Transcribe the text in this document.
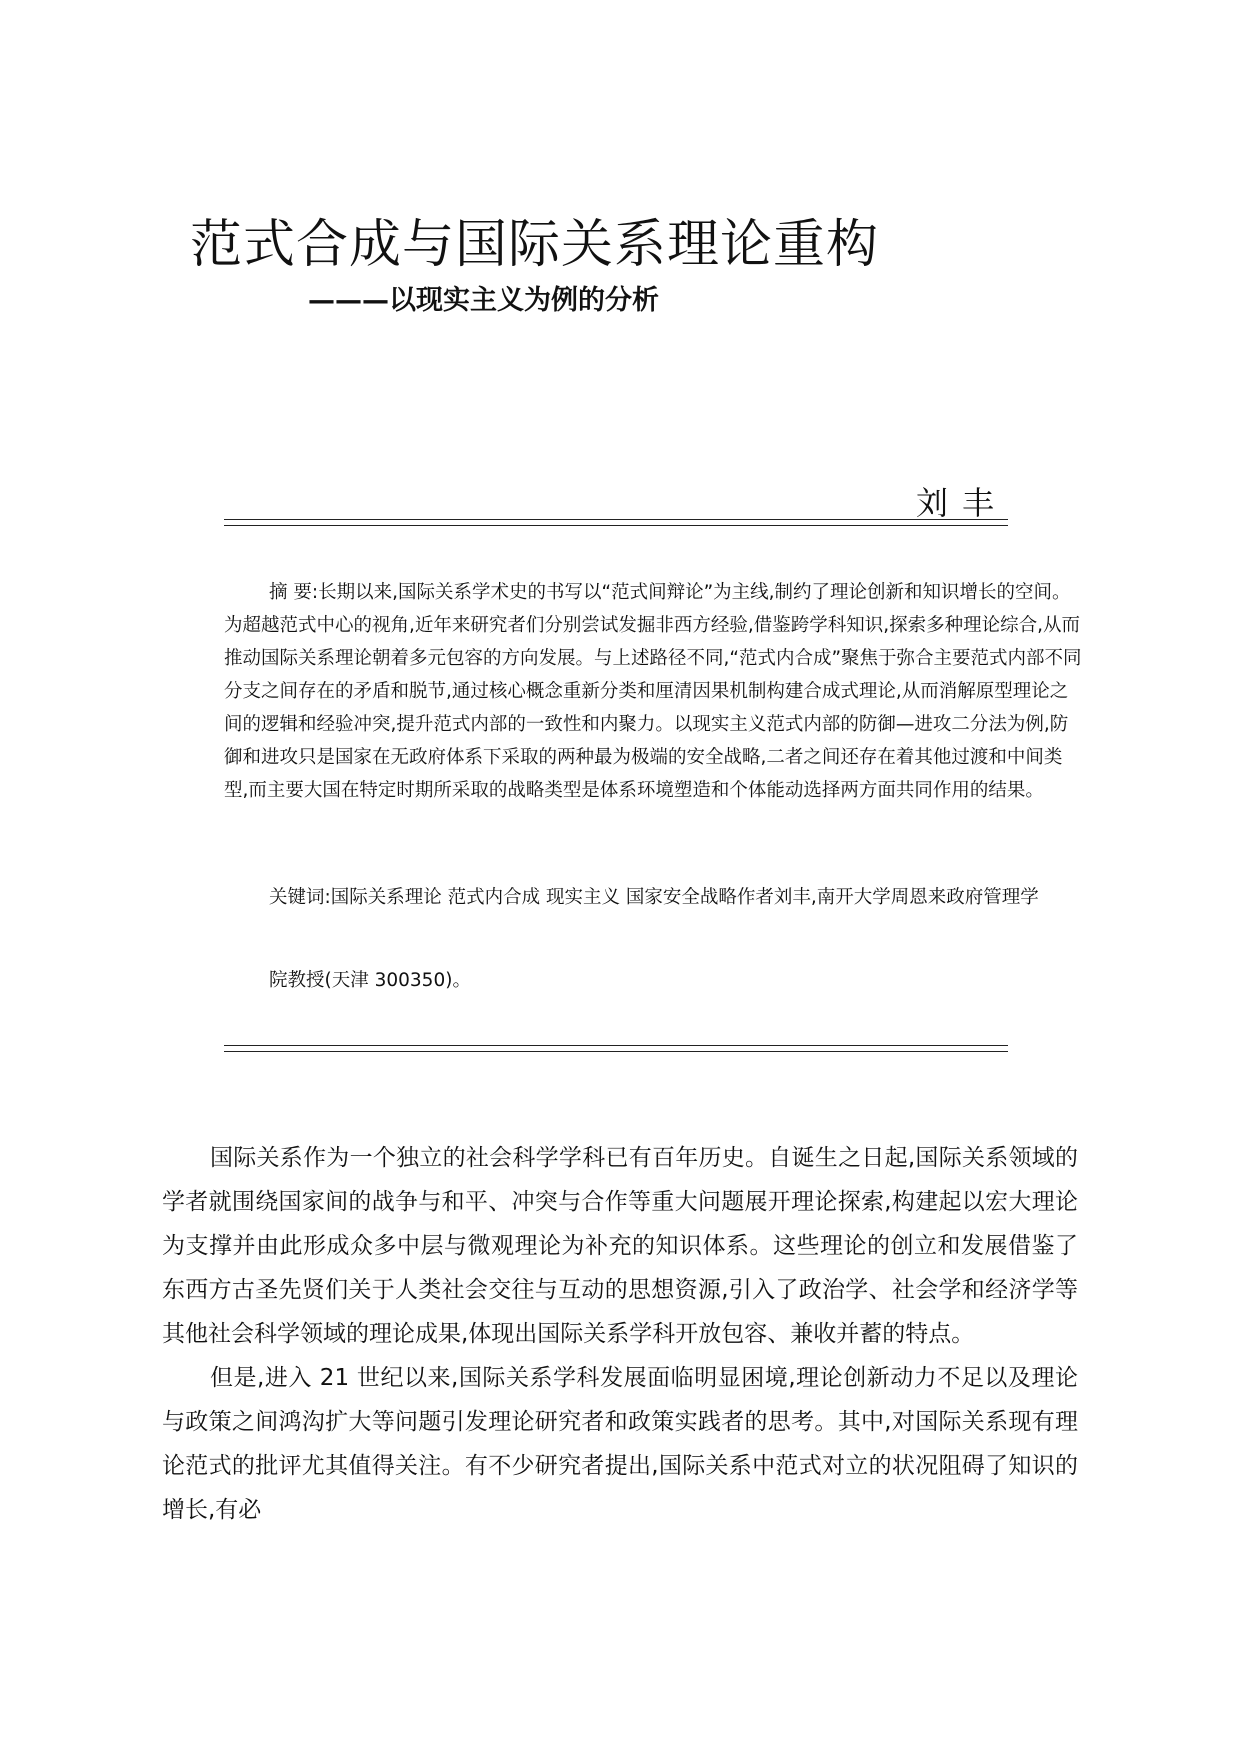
范式合成与国际关系理论重构
———以现实主义为例的分析
刘丰

摘 要:长期以来,国际关系学术史的书写以“范式间辩论”为主线,制约了理论创新和知识增长的空间。为超越范式中心的视角,近年来研究者们分别尝试发掘非西方经验,借鉴跨学科知识,探索多种理论综合,从而推动国际关系理论朝着多元包容的方向发展。与上述路径不同,“范式内合成”聚焦于弥合主要范式内部不同分支之间存在的矛盾和脱节,通过核心概念重新分类和厘清因果机制构建合成式理论,从而消解原型理论之间的逻辑和经验冲突,提升范式内部的一致性和内聚力。以现实主义范式内部的防御—进攻二分法为例,防御和进攻只是国家在无政府体系下采取的两种最为极端的安全战略,二者之间还存在着其他过渡和中间类型,而主要大国在特定时期所采取的战略类型是体系环境塑造和个体能动选择两方面共同作用的结果。

关键词:国际关系理论 范式内合成 现实主义 国家安全战略作者刘丰,南开大学周恩来政府管理学
院教授(天津 300350)。

国际关系作为一个独立的社会科学学科已有百年历史。自诞生之日起,国际关系领域的学者就围绕国家间的战争与和平、冲突与合作等重大问题展开理论探索,构建起以宏大理论为支撑并由此形成众多中层与微观理论为补充的知识体系。这些理论的创立和发展借鉴了东西方古圣先贤们关于人类社会交往与互动的思想资源,引入了政治学、社会学和经济学等其他社会科学领域的理论成果,体现出国际关系学科开放包容、兼收并蓄的特点。

但是,进入 21 世纪以来,国际关系学科发展面临明显困境,理论创新动力不足以及理论与政策之间鸿沟扩大等问题引发理论研究者和政策实践者的思考。其中,对国际关系现有理论范式的批评尤其值得关注。有不少研究者提出,国际关系中范式对立的状况阻碍了知识的增长,有必
